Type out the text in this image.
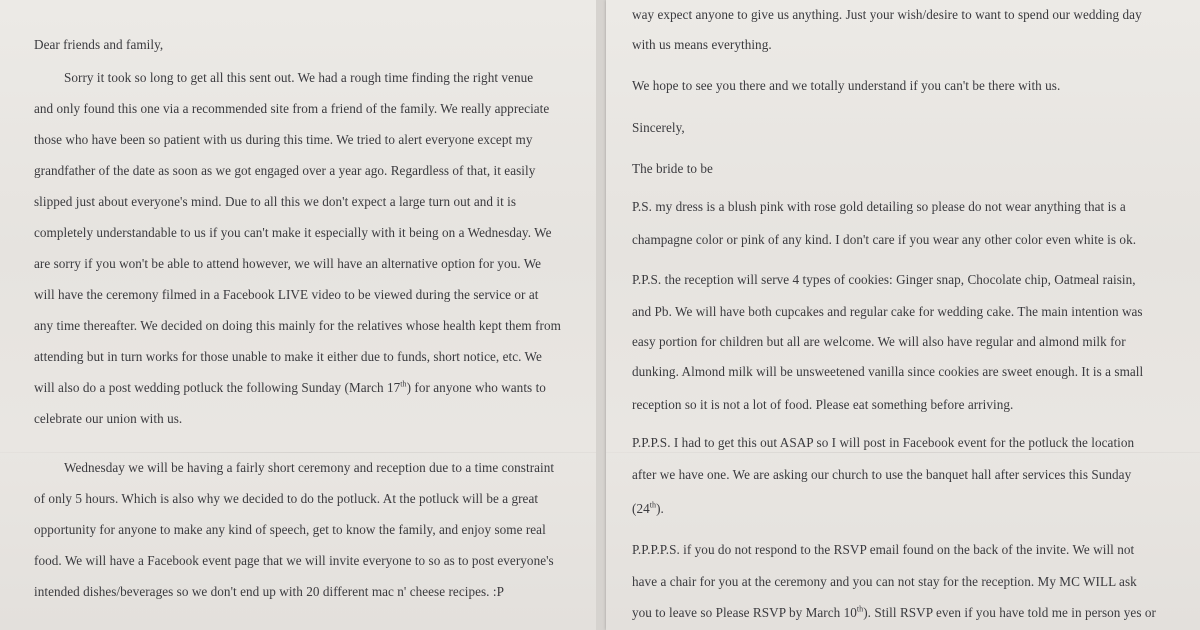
Dear friends and family,
Sorry it took so long to get all this sent out. We had a rough time finding the right venue
and only found this one via a recommended site from a friend of the family. We really appreciate
those who have been so patient with us during this time. We tried to alert everyone except my
grandfather of the date as soon as we got engaged over a year ago. Regardless of that, it easily
slipped just about everyone's mind. Due to all this we don't expect a large turn out and it is
completely understandable to us if you can't make it especially with it being on a Wednesday. We
are sorry if you won't be able to attend however, we will have an alternative option for you. We
will have the ceremony filmed in a Facebook LIVE video to be viewed during the service or at
any time thereafter. We decided on doing this mainly for the relatives whose health kept them from
attending but in turn works for those unable to make it either due to funds, short notice, etc. We
will also do a post wedding potluck the following Sunday (March 17th) for anyone who wants to
celebrate our union with us.
Wednesday we will be having a fairly short ceremony and reception due to a time constraint
of only 5 hours. Which is also why we decided to do the potluck. At the potluck will be a great
opportunity for anyone to make any kind of speech, get to know the family, and enjoy some real
food. We will have a Facebook event page that we will invite everyone to so as to post everyone's
intended dishes/beverages so we don't end up with 20 different mac n' cheese recipes. :P
way expect anyone to give us anything. Just your wish/desire to want to spend our wedding day
with us means everything.
We hope to see you there and we totally understand if you can't be there with us.
Sincerely,
The bride to be
P.S. my dress is a blush pink with rose gold detailing so please do not wear anything that is a
champagne color or pink of any kind. I don't care if you wear any other color even white is ok.
P.P.S. the reception will serve 4 types of cookies: Ginger snap, Chocolate chip, Oatmeal raisin,
and Pb. We will have both cupcakes and regular cake for wedding cake. The main intention was
easy portion for children but all are welcome. We will also have regular and almond milk for
dunking. Almond milk will be unsweetened vanilla since cookies are sweet enough. It is a small
reception so it is not a lot of food. Please eat something before arriving.
P.P.P.S. I had to get this out ASAP so I will post in Facebook event for the potluck the location
after we have one. We are asking our church to use the banquet hall after services this Sunday
(24th).
P.P.P.P.S. if you do not respond to the RSVP email found on the back of the invite. We will not
have a chair for you at the ceremony and you can not stay for the reception. My MC WILL ask
you to leave so Please RSVP by March 10th). Still RSVP even if you have told me in person yes or
